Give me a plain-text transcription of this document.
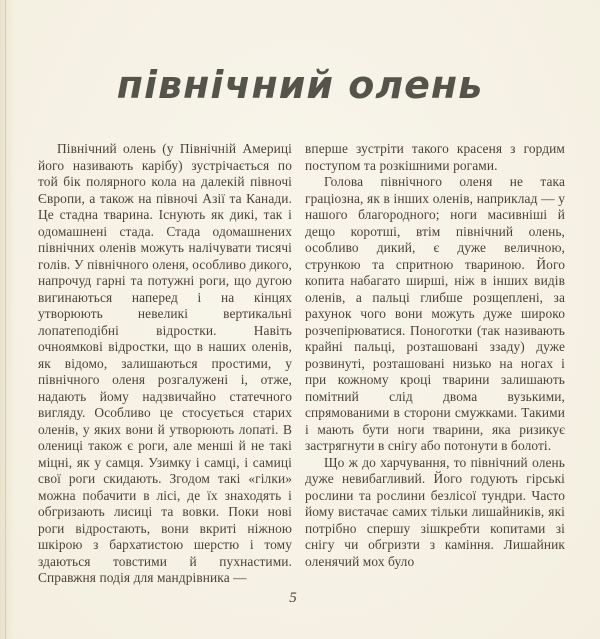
північний олень

Північний олень (у Північній Америці його називають карібу) зустрічається по той бік полярного кола на далекій півночі Європи, а також на півночі Азії та Канади. Це стадна тварина. Існують як дикі, так і одомашнені стада. Стада одомашнених північних оленів можуть налічувати тисячі голів. У північного оленя, особливо дикого, напрочуд гарні та потужні роги, що дугою вигинаються наперед і на кінцях утворюють невеликі вертикальні лопатеподібні відростки. Навіть очноямкові відростки, що в наших оленів, як відомо, залишаються простими, у північного оленя розгалужені і, отже, надають йому надзвичайно статечного вигляду. Особливо це стосується старих оленів, у яких вони й утворюють лопаті. В олениці також є роги, але менші й не такі міцні, як у самця. Узимку і самці, і самиці свої роги скидають. Згодом такі «гілки» можна побачити в лісі, де їх знаходять і обгризають лисиці та вовки. Поки нові роги відростають, вони вкриті ніжною шкірою з бархатистою шерстю і тому здаються товстими й пухнастими. Справжня подія для мандрівника —

вперше зустріти такого красеня з гордим поступом та розкішними рогами.

Голова північного оленя не така граціозна, як в інших оленів, наприклад — у нашого благородного; ноги масивніші й дещо коротші, втім північний олень, особливо дикий, є дуже величною, стрункою та спритною твариною. Його копита набагато ширші, ніж в інших видів оленів, а пальці глибше розщеплені, за рахунок чого вони можуть дуже широко розчепірюватися. Поноготки (так називають крайні пальці, розташовані ззаду) дуже розвинуті, розташовані низько на ногах і при кожному кроці тварини залишають помітний слід двома вузькими, спрямованими в сторони смужками. Такими і мають бути ноги тварини, яка ризикує застрягнути в снігу або потонути в болоті.

Що ж до харчування, то північний олень дуже невибагливий. Його годують гірські рослини та рослини безлісої тундри. Часто йому вистачає самих тільки лишайників, які потрібно спершу зішкребти копитами зі снігу чи обгризти з каміння. Лишайник оленячий мох було

5
